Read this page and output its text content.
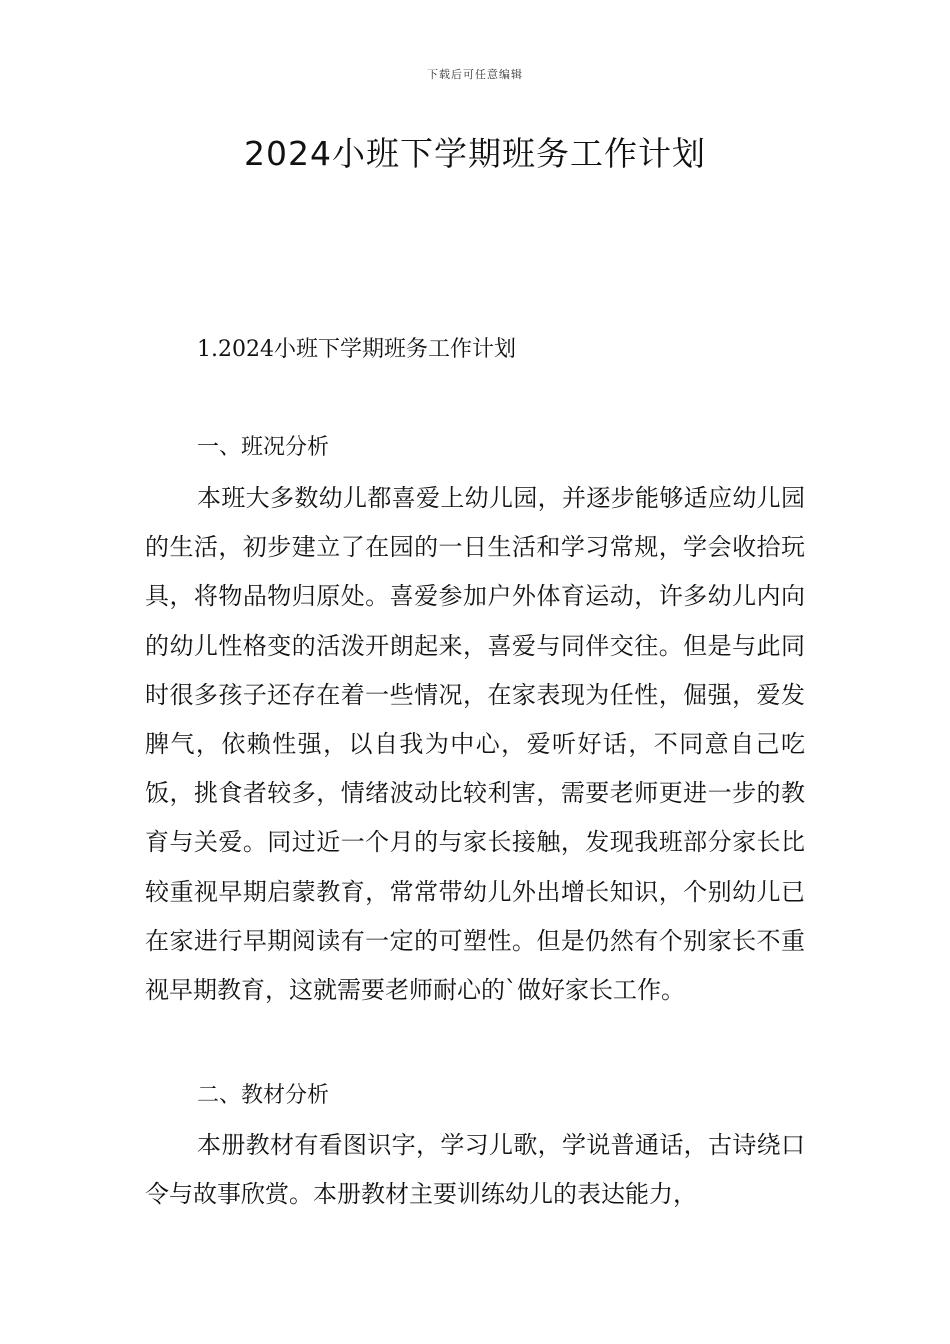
下载后可任意编辑
2024小班下学期班务工作计划
1.2024小班下学期班务工作计划
一、班况分析

本班大多数幼儿都喜爱上幼儿园，并逐步能够适应幼儿园的生活，初步建立了在园的一日生活和学习常规，学会收拾玩具，将物品物归原处。喜爱参加户外体育运动，许多幼儿内向的幼儿性格变的活泼开朗起来，喜爱与同伴交往。但是与此同时很多孩子还存在着一些情况，在家表现为任性，倔强，爱发脾气，依赖性强，以自我为中心，爱听好话，不同意自己吃饭，挑食者较多，情绪波动比较利害，需要老师更进一步的教育与关爱。同过近一个月的与家长接触，发现我班部分家长比较重视早期启蒙教育，常常带幼儿外出增长知识，个别幼儿已在家进行早期阅读有一定的可塑性。但是仍然有个别家长不重视早期教育，这就需要老师耐心的`做好家长工作。

二、教材分析

本册教材有看图识字，学习儿歌，学说普通话，古诗绕口令与故事欣赏。本册教材主要训练幼儿的表达能力，
